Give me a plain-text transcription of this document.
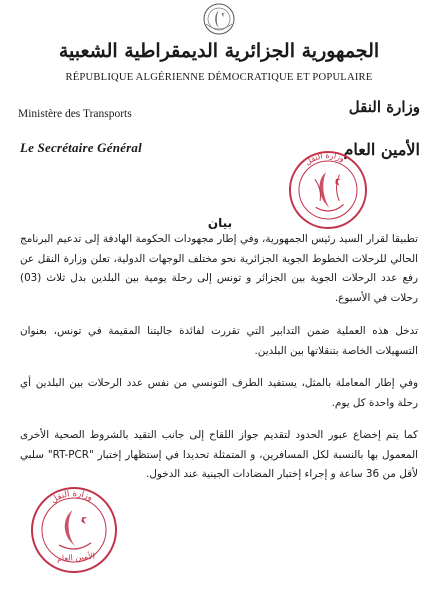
الجمهورية الجزائرية الديمقراطية الشعبية
RÉPUBLIQUE ALGÉRIENNE DÉMOCRATIQUE ET POPULAIRE
Ministère des Transports	وزارة النقل
Le Secrétaire Général	الأمين العام
وزارة النقل
بيان
تطبيقا لقرار السيد رئيس الجمهورية، وفي إطار مجهودات الحكومة الهادفة إلى تدعيم البرنامج الحالي للرحلات الخطوط الجوية الجزائرية نحو مختلف الوجهات الدولية، تعلن وزارة النقل عن رفع عدد الرحلات الجوية بين الجزائر و تونس إلى رحلة يومية بين البلدين بدل ثلاث (03) رحلات في الأسبوع.
تدخل هذه العملية ضمن التدابير التي تقررت لفائدة جاليتنا المقيمة في تونس، بعنوان التسهيلات الخاصة بتنقلاتها بين البلدين.
وفي إطار المعاملة بالمثل، يستفيد الطرف التونسي من نفس عدد الرحلات بين البلدين أي رحلة واحدة كل يوم.
كما يتم إخضاع عبور الحدود لتقديم جواز اللقاح إلى جانب التقيد بالشروط الصحية الأخرى المعمول بها بالنسبة لكل المسافرين، و المتمثلة تحديدا في إستظهار إختبار "RT-PCR" سلبي لأقل من 36 ساعة و إجراء إختبار المضادات الجينية عند الدخول.
وزارة النقل
الأمين العام
